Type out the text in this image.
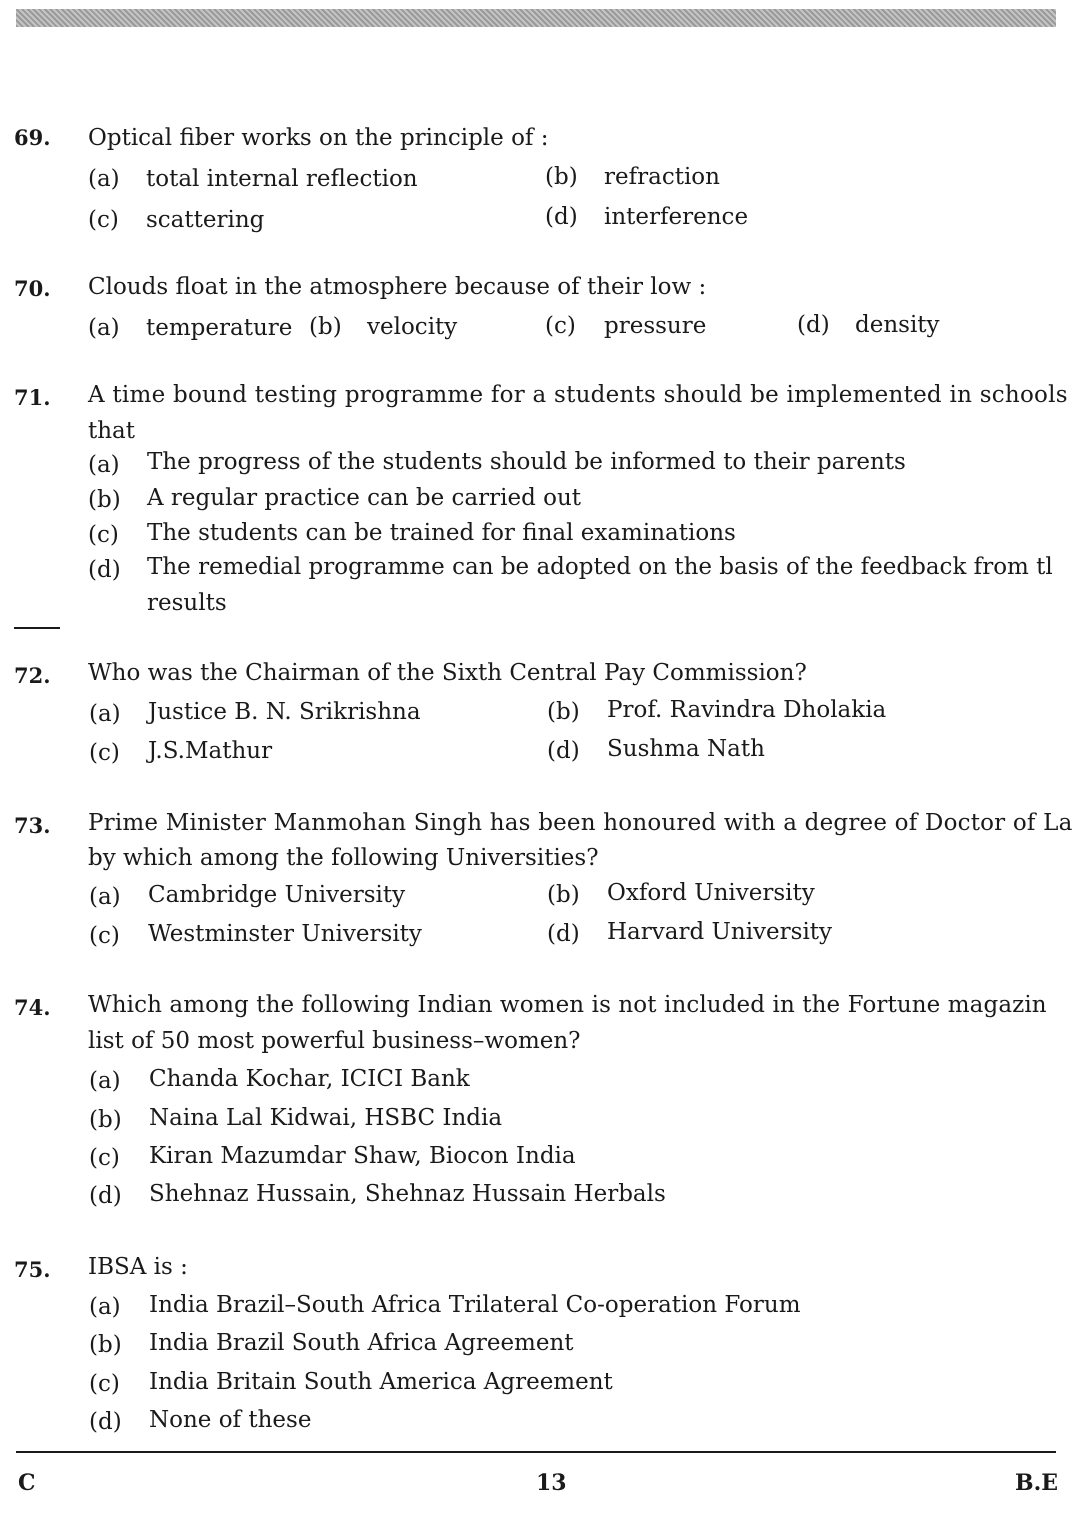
69. Optical fiber works on the principle of :
(a) total internal reflection	(b) refraction
(c) scattering	(d) interference
70. Clouds float in the atmosphere because of their low :
(a) temperature (b) velocity	(c) pressure	(d) density
71. A time bound testing programme for a students should be implemented in schools
that
(a) The progress of the students should be informed to their parents
(b) A regular practice can be carried out
(c) The students can be trained for final examinations
(d) The remedial programme can be adopted on the basis of the feedback from tl
results
72. Who was the Chairman of the Sixth Central Pay Commission?
(a) Justice B. N. Srikrishna	(b) Prof. Ravindra Dholakia
(c) J.S.Mathur	(d) Sushma Nath
73. Prime Minister Manmohan Singh has been honoured with a degree of Doctor of La
by which among the following Universities?
(a) Cambridge University	(b) Oxford University
(c) Westminster University	(d) Harvard University
74. Which among the following Indian women is not included in the Fortune magazin
list of 50 most powerful business–women?
(a) Chanda Kochar, ICICI Bank
(b) Naina Lal Kidwai, HSBC India
(c) Kiran Mazumdar Shaw, Biocon India
(d) Shehnaz Hussain, Shehnaz Hussain Herbals
75. IBSA is :
(a) India Brazil–South Africa Trilateral Co-operation Forum
(b) India Brazil South Africa Agreement
(c) India Britain South America Agreement
(d) None of these
C	13	B.E
